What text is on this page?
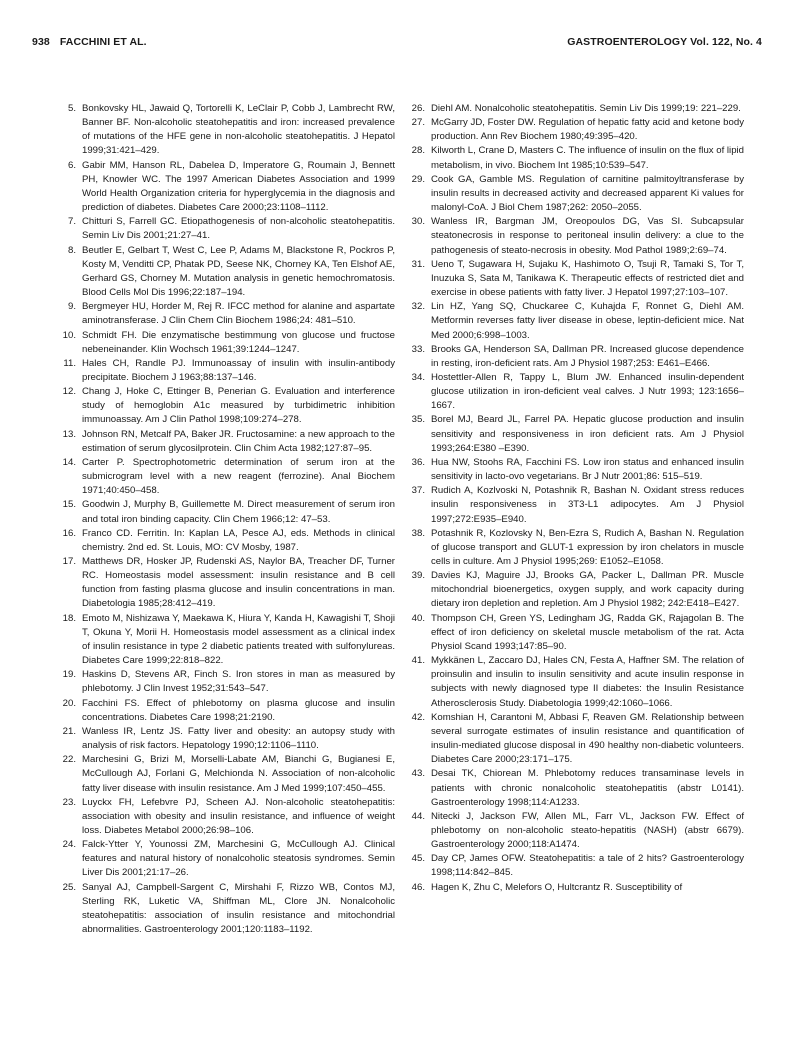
938 FACCHINI ET AL.	GASTROENTEROLOGY Vol. 122, No. 4
5. Bonkovsky HL, Jawaid Q, Tortorelli K, LeClair P, Cobb J, Lambrecht RW, Banner BF. Non-alcoholic steatohepatitis and iron: increased prevalence of mutations of the HFE gene in non-alcoholic steatohepatitis. J Hepatol 1999;31:421–429.
6. Gabir MM, Hanson RL, Dabelea D, Imperatore G, Roumain J, Bennett PH, Knowler WC. The 1997 American Diabetes Association and 1999 World Health Organization criteria for hyperglycemia in the diagnosis and prediction of diabetes. Diabetes Care 2000;23:1108–1112.
7. Chitturi S, Farrell GC. Etiopathogenesis of non-alcoholic steatohepatitis. Semin Liv Dis 2001;21:27–41.
8. Beutler E, Gelbart T, West C, Lee P, Adams M, Blackstone R, Pockros P, Kosty M, Venditti CP, Phatak PD, Seese NK, Chorney KA, Ten Elshof AE, Gerhard GS, Chorney M. Mutation analysis in genetic hemochromatosis. Blood Cells Mol Dis 1996;22:187–194.
9. Bergmeyer HU, Horder M, Rej R. IFCC method for alanine and aspartate aminotransferase. J Clin Chem Clin Biochem 1986;24: 481–510.
10. Schmidt FH. Die enzymatische bestimmung von glucose und fructose nebeneinander. Klin Wochsch 1961;39:1244–1247.
11. Hales CH, Randle PJ. Immunoassay of insulin with insulin-antibody precipitate. Biochem J 1963;88:137–146.
12. Chang J, Hoke C, Ettinger B, Penerian G. Evaluation and interference study of hemoglobin A1c measured by turbidimetric inhibition immunoassay. Am J Clin Pathol 1998;109:274–278.
13. Johnson RN, Metcalf PA, Baker JR. Fructosamine: a new approach to the estimation of serum glycosilprotein. Clin Chim Acta 1982;127:87–95.
14. Carter P. Spectrophotometric determination of serum iron at the submicrogram level with a new reagent (ferrozine). Anal Biochem 1971;40:450–458.
15. Goodwin J, Murphy B, Guillemette M. Direct measurement of serum iron and total iron binding capacity. Clin Chem 1966;12: 47–53.
16. Franco CD. Ferritin. In: Kaplan LA, Pesce AJ, eds. Methods in clinical chemistry. 2nd ed. St. Louis, MO: CV Mosby, 1987.
17. Matthews DR, Hosker JP, Rudenski AS, Naylor BA, Treacher DF, Turner RC. Homeostasis model assessment: insulin resistance and B cell function from fasting plasma glucose and insulin concentrations in man. Diabetologia 1985;28:412–419.
18. Emoto M, Nishizawa Y, Maekawa K, Hiura Y, Kanda H, Kawagishi T, Shoji T, Okuna Y, Morii H. Homeostasis model assessment as a clinical index of insulin resistance in type 2 diabetic patients treated with sulfonylureas. Diabetes Care 1999;22:818–822.
19. Haskins D, Stevens AR, Finch S. Iron stores in man as measured by phlebotomy. J Clin Invest 1952;31:543–547.
20. Facchini FS. Effect of phlebotomy on plasma glucose and insulin concentrations. Diabetes Care 1998;21:2190.
21. Wanless IR, Lentz JS. Fatty liver and obesity: an autopsy study with analysis of risk factors. Hepatology 1990;12:1106–1110.
22. Marchesini G, Brizi M, Morselli-Labate AM, Bianchi G, Bugianesi E, McCullough AJ, Forlani G, Melchionda N. Association of non-alcoholic fatty liver disease with insulin resistance. Am J Med 1999;107:450–455.
23. Luyckx FH, Lefebvre PJ, Scheen AJ. Non-alcoholic steatohepatitis: association with obesity and insulin resistance, and influence of weight loss. Diabetes Metabol 2000;26:98–106.
24. Falck-Ytter Y, Younossi ZM, Marchesini G, McCullough AJ. Clinical features and natural history of nonalcoholic steatosis syndromes. Semin Liver Dis 2001;21:17–26.
25. Sanyal AJ, Campbell-Sargent C, Mirshahi F, Rizzo WB, Contos MJ, Sterling RK, Luketic VA, Shiffman ML, Clore JN. Nonalcoholic steatohepatitis: association of insulin resistance and mitochondrial abnormalities. Gastroenterology 2001;120:1183–1192.
26. Diehl AM. Nonalcoholic steatohepatitis. Semin Liv Dis 1999;19: 221–229.
27. McGarry JD, Foster DW. Regulation of hepatic fatty acid and ketone body production. Ann Rev Biochem 1980;49:395–420.
28. Kilworth L, Crane D, Masters C. The influence of insulin on the flux of lipid metabolism, in vivo. Biochem Int 1985;10:539–547.
29. Cook GA, Gamble MS. Regulation of carnitine palmitoyltransferase by insulin results in decreased activity and decreased apparent Ki values for malonyl-CoA. J Biol Chem 1987;262: 2050–2055.
30. Wanless IR, Bargman JM, Oreopoulos DG, Vas SI. Subcapsular steatonecrosis in response to peritoneal insulin delivery: a clue to the pathogenesis of steato-necrosis in obesity. Mod Pathol 1989;2:69–74.
31. Ueno T, Sugawara H, Sujaku K, Hashimoto O, Tsuji R, Tamaki S, Tor T, Inuzuka S, Sata M, Tanikawa K. Therapeutic effects of restricted diet and exercise in obese patients with fatty liver. J Hepatol 1997;27:103–107.
32. Lin HZ, Yang SQ, Chuckaree C, Kuhajda F, Ronnet G, Diehl AM. Metformin reverses fatty liver disease in obese, leptin-deficient mice. Nat Med 2000;6:998–1003.
33. Brooks GA, Henderson SA, Dallman PR. Increased glucose dependence in resting, iron-deficient rats. Am J Physiol 1987;253: E461–E466.
34. Hostettler-Allen R, Tappy L, Blum JW. Enhanced insulin-dependent glucose utilization in iron-deficient veal calves. J Nutr 1993; 123:1656–1667.
35. Borel MJ, Beard JL, Farrel PA. Hepatic glucose production and insulin sensitivity and responsiveness in iron deficient rats. Am J Physiol 1993;264:E380 –E390.
36. Hua NW, Stoohs RA, Facchini FS. Low iron status and enhanced insulin sensitivity in lacto-ovo vegetarians. Br J Nutr 2001;86: 515–519.
37. Rudich A, Kozlvoski N, Potashnik R, Bashan N. Oxidant stress reduces insulin responsiveness in 3T3-L1 adipocytes. Am J Physiol 1997;272:E935–E940.
38. Potashnik R, Kozlovsky N, Ben-Ezra S, Rudich A, Bashan N. Regulation of glucose transport and GLUT-1 expression by iron chelators in muscle cells in culture. Am J Physiol 1995;269: E1052–E1058.
39. Davies KJ, Maguire JJ, Brooks GA, Packer L, Dallman PR. Muscle mitochondrial bioenergetics, oxygen supply, and work capacity during dietary iron depletion and repletion. Am J Physiol 1982; 242:E418–E427.
40. Thompson CH, Green YS, Ledingham JG, Radda GK, Rajagolan B. The effect of iron deficiency on skeletal muscle metabolism of the rat. Acta Physiol Scand 1993;147:85–90.
41. Mykkänen L, Zaccaro DJ, Hales CN, Festa A, Haffner SM. The relation of proinsulin and insulin to insulin sensitivity and acute insulin response in subjects with newly diagnosed type II diabetes: the Insulin Resistance Atherosclerosis Study. Diabetologia 1999;42:1060–1066.
42. Komshian H, Carantoni M, Abbasi F, Reaven GM. Relationship between several surrogate estimates of insulin resistance and quantification of insulin-mediated glucose disposal in 490 healthy non-diabetic volunteers. Diabetes Care 2000;23:171–175.
43. Desai TK, Chiorean M. Phlebotomy reduces transaminase levels in patients with chronic nonalcoholic steatohepatitis (abstr L0141). Gastroenterology 1998;114:A1233.
44. Nitecki J, Jackson FW, Allen ML, Farr VL, Jackson FW. Effect of phlebotomy on non-alcoholic steato-hepatitis (NASH) (abstr 6679). Gastroenterology 2000;118:A1474.
45. Day CP, James OFW. Steatohepatitis: a tale of 2 hits? Gastroenterology 1998;114:842–845.
46. Hagen K, Zhu C, Melefors O, Hultcrantz R. Susceptibility of
